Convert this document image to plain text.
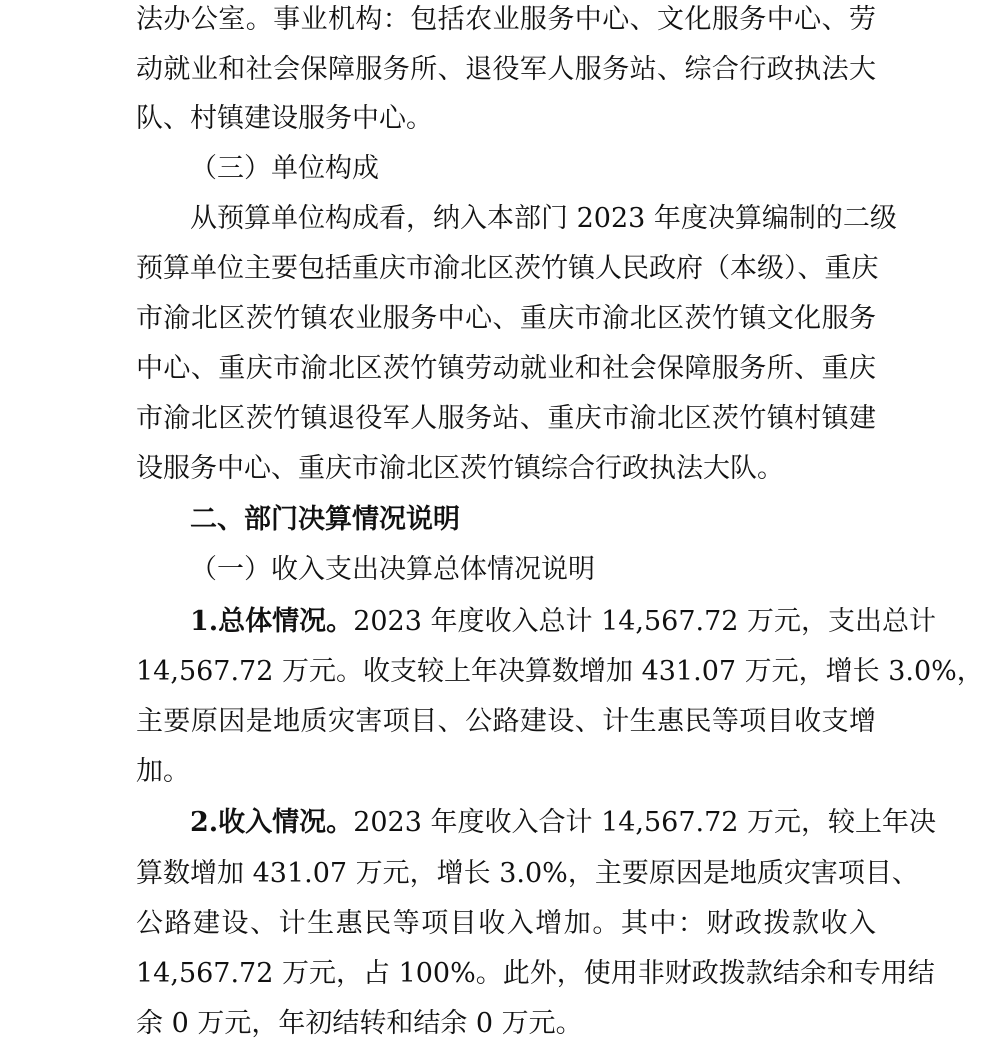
法办公室。事业机构：包括农业服务中心、文化服务中心、劳
动就业和社会保障服务所、退役军人服务站、综合行政执法大
队、村镇建设服务中心。
（三）单位构成
从预算单位构成看，纳入本部门 2023 年度决算编制的二级
预算单位主要包括重庆市渝北区茨竹镇人民政府（本级）、重庆
市渝北区茨竹镇农业服务中心、重庆市渝北区茨竹镇文化服务
中心、重庆市渝北区茨竹镇劳动就业和社会保障服务所、重庆
市渝北区茨竹镇退役军人服务站、重庆市渝北区茨竹镇村镇建
设服务中心、重庆市渝北区茨竹镇综合行政执法大队。
二、部门决算情况说明
（一）收入支出决算总体情况说明
1.总体情况。2023 年度收入总计 14,567.72 万元，支出总计
14,567.72 万元。收支较上年决算数增加 431.07 万元，增长 3.0%，
主要原因是地质灾害项目、公路建设、计生惠民等项目收支增
加。
2.收入情况。2023 年度收入合计 14,567.72 万元，较上年决
算数增加 431.07 万元，增长 3.0%，主要原因是地质灾害项目、
公路建设、计生惠民等项目收入增加。其中：财政拨款收入
14,567.72 万元，占 100%。此外，使用非财政拨款结余和专用结
余 0 万元，年初结转和结余 0 万元。
